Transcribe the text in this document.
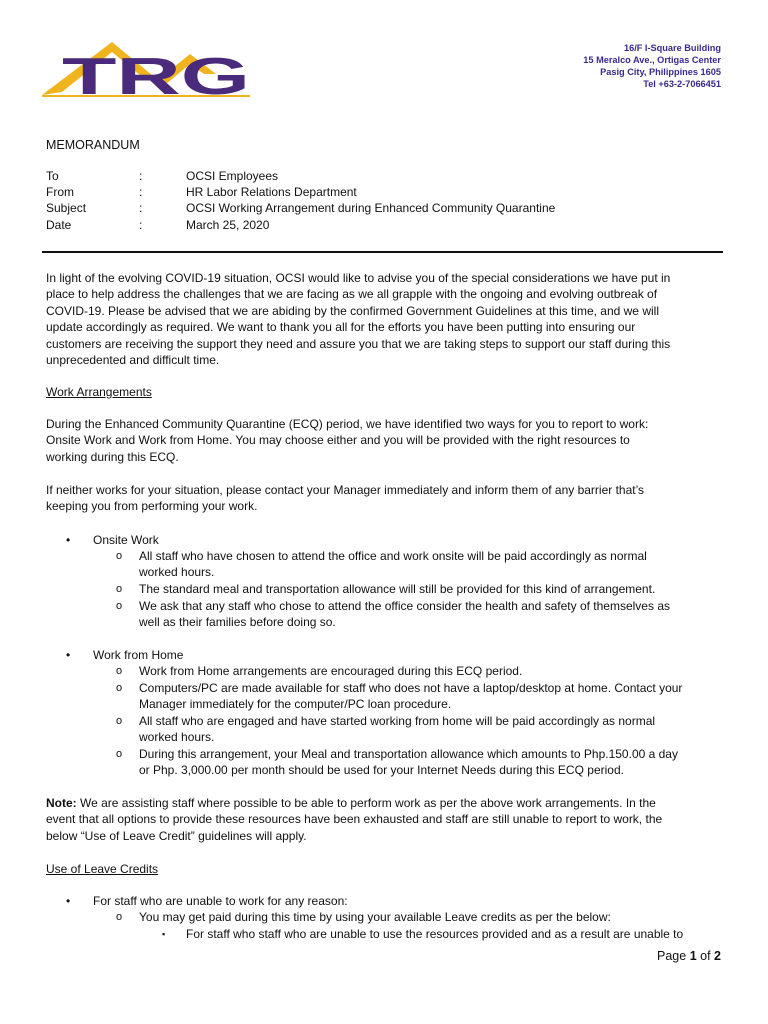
TRG	16/F I-Square Building
15 Meralco Ave., Ortigas Center
Pasig City, Philippines 1605
Tel +63-2-7066451
MEMORANDUM
To	:	OCSI Employees
From	:	HR Labor Relations Department
Subject	:	OCSI Working Arrangement during Enhanced Community Quarantine
Date	:	March 25, 2020
In light of the evolving COVID-19 situation, OCSI would like to advise you of the special considerations we have put in
place to help address the challenges that we are facing as we all grapple with the ongoing and evolving outbreak of
COVID-19. Please be advised that we are abiding by the confirmed Government Guidelines at this time, and we will
update accordingly as required. We want to thank you all for the efforts you have been putting into ensuring our
customers are receiving the support they need and assure you that we are taking steps to support our staff during this
unprecedented and difficult time.
Work Arrangements
During the Enhanced Community Quarantine (ECQ) period, we have identified two ways for you to report to work:
Onsite Work and Work from Home. You may choose either and you will be provided with the right resources to
working during this ECQ.
If neither works for your situation, please contact your Manager immediately and inform them of any barrier that’s
keeping you from performing your work.
• Onsite Work
o All staff who have chosen to attend the office and work onsite will be paid accordingly as normal
worked hours.
o The standard meal and transportation allowance will still be provided for this kind of arrangement.
o We ask that any staff who chose to attend the office consider the health and safety of themselves as
well as their families before doing so.
• Work from Home
o Work from Home arrangements are encouraged during this ECQ period.
o Computers/PC are made available for staff who does not have a laptop/desktop at home. Contact your
Manager immediately for the computer/PC loan procedure.
o All staff who are engaged and have started working from home will be paid accordingly as normal
worked hours.
o During this arrangement, your Meal and transportation allowance which amounts to Php.150.00 a day
or Php. 3,000.00 per month should be used for your Internet Needs during this ECQ period.
Note: We are assisting staff where possible to be able to perform work as per the above work arrangements. In the
event that all options to provide these resources have been exhausted and staff are still unable to report to work, the
below “Use of Leave Credit” guidelines will apply.
Use of Leave Credits
• For staff who are unable to work for any reason:
o You may get paid during this time by using your available Leave credits as per the below:
▪ For staff who staff who are unable to use the resources provided and as a result are unable to
Page 1 of 2
